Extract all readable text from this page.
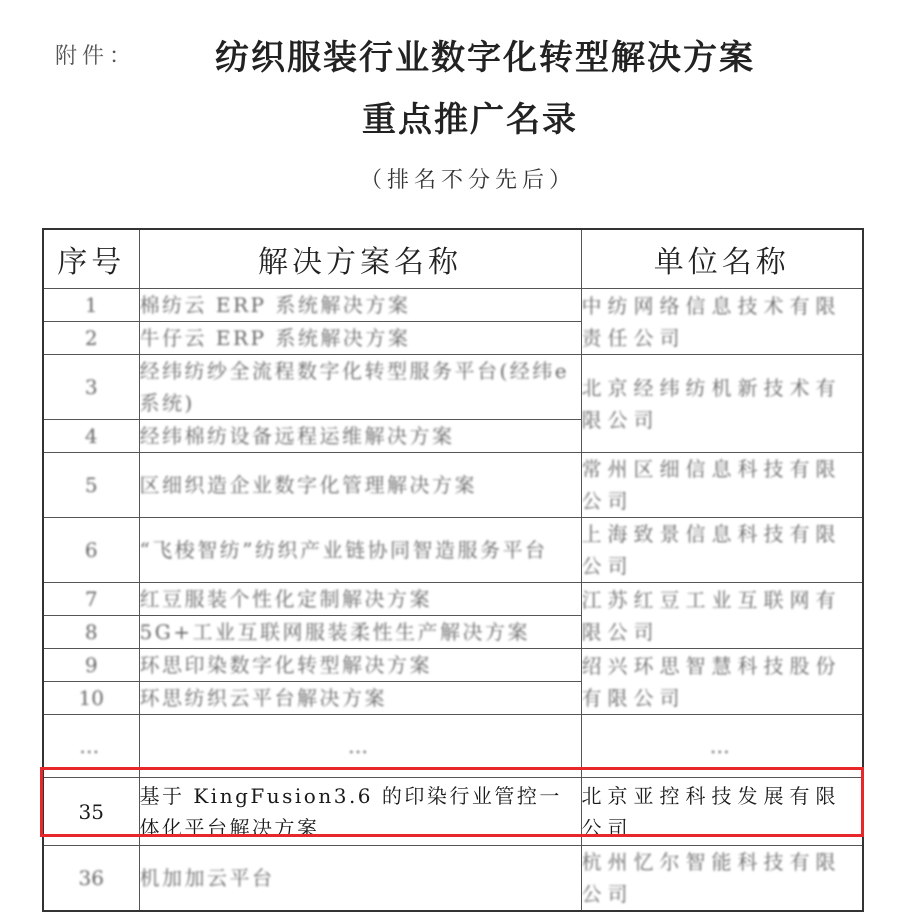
附件： 纺织服装行业数字化转型解决方案
重点推广名录
（排名不分先后）
序号	解决方案名称	单位名称
1	棉纺云 ERP 系统解决方案	中纺网络信息技术有限责任公司
2	牛仔云 ERP 系统解决方案	
3	经纬纺纱全流程数字化转型服务平台(经纬e系统)	北京经纬纺机新技术有限公司
4	经纬棉纺设备远程运维解决方案	
5	区细织造企业数字化管理解决方案	常州区细信息科技有限公司
6	“飞梭智纺”纺织产业链协同智造服务平台	上海致景信息科技有限公司
7	红豆服装个性化定制解决方案	江苏红豆工业互联网有限公司
8	5G+工业互联网服装柔性生产解决方案	
9	环思印染数字化转型解决方案	绍兴环思智慧科技股份有限公司
10	环思纺织云平台解决方案	
…	…	…
35	基于 KingFusion3.6 的印染行业管控一体化平台解决方案	北京亚控科技发展有限公司
36	机加加云平台	杭州忆尔智能科技有限公司
